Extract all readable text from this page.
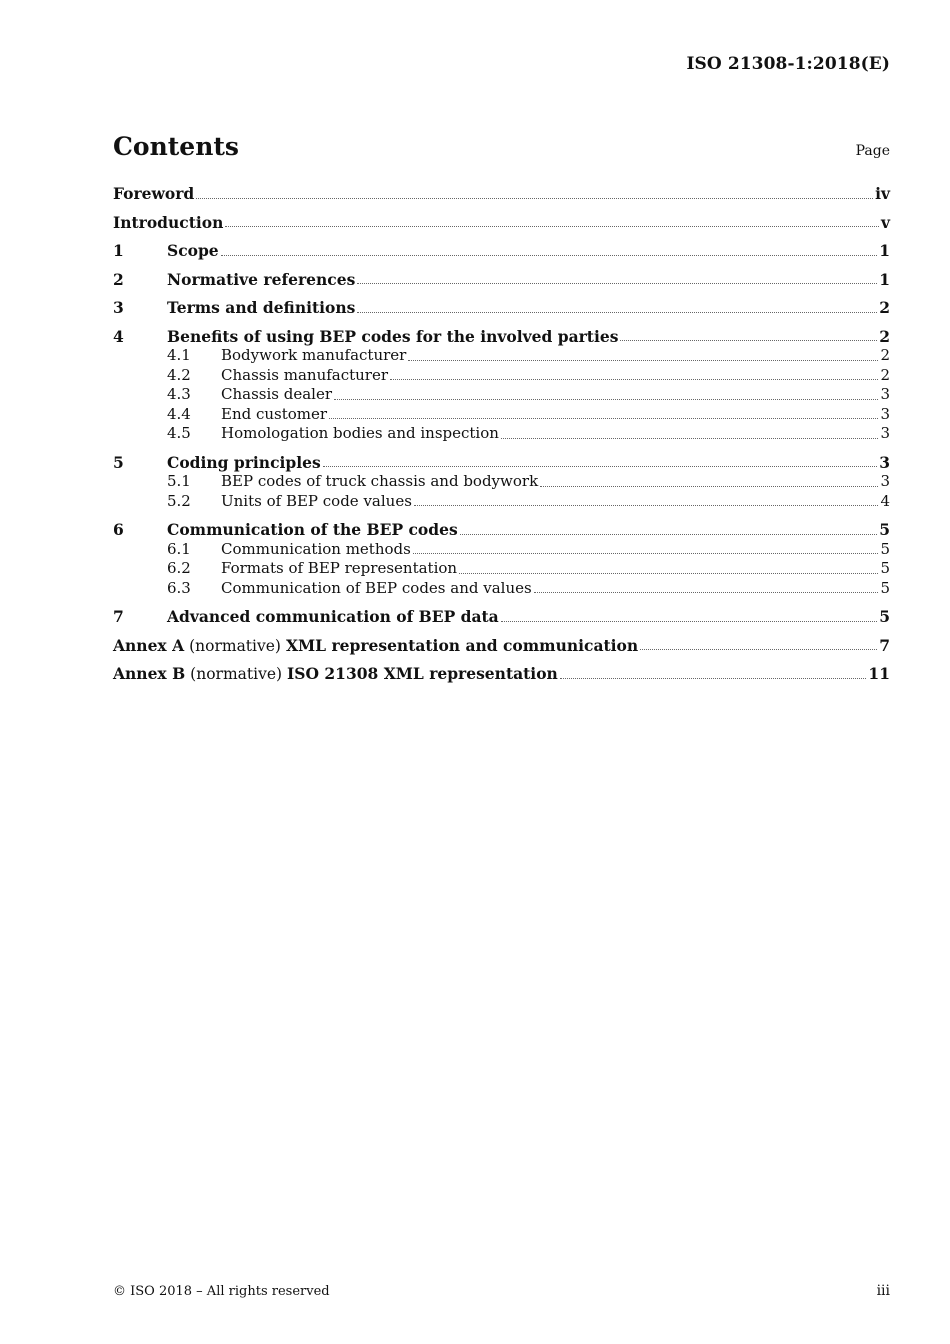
ISO 21308-1:2018(E)
Contents	Page
Foreword	iv
Introduction	v
1	Scope	1
2	Normative references	1
3	Terms and definitions	2
4	Benefits of using BEP codes for the involved parties	2
4.1	Bodywork manufacturer	2
4.2	Chassis manufacturer	2
4.3	Chassis dealer	3
4.4	End customer	3
4.5	Homologation bodies and inspection	3
5	Coding principles	3
5.1	BEP codes of truck chassis and bodywork	3
5.2	Units of BEP code values	4
6	Communication of the BEP codes	5
6.1	Communication methods	5
6.2	Formats of BEP representation	5
6.3	Communication of BEP codes and values	5
7	Advanced communication of BEP data	5
Annex A (normative) XML representation and communication	7
Annex B (normative) ISO 21308 XML representation	11
© ISO 2018 – All rights reserved	iii
